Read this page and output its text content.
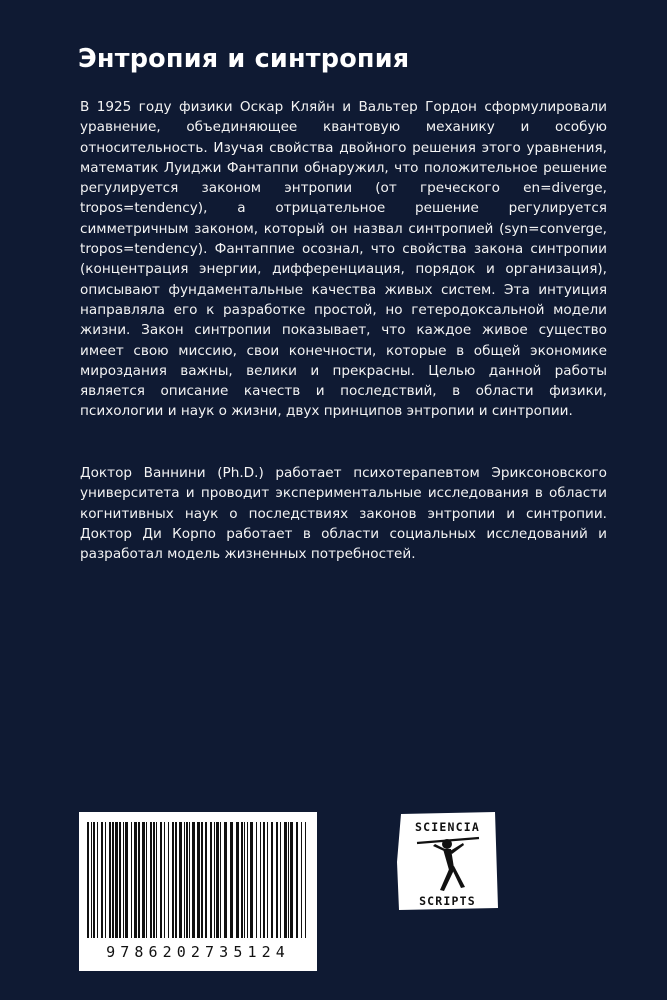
Энтропия и синтропия
В 1925 году физики Оскар Кляйн и Вальтер Гордон сформулировали уравнение, объединяющее квантовую механику и особую относительность. Изучая свойства двойного решения этого уравнения, математик Луиджи Фантаппи обнаружил, что положительное решение регулируется законом энтропии (от греческого en=diverge, tropos=tendency), а отрицательное решение регулируется симметричным законом, который он назвал синтропией (syn=converge, tropos=tendency). Фантаппие осознал, что свойства закона синтропии (концентрация энергии, дифференциация, порядок и организация), описывают фундаментальные качества живых систем. Эта интуиция направляла его к разработке простой, но гетеродоксальной модели жизни. Закон синтропии показывает, что каждое живое существо имеет свою миссию, свои конечности, которые в общей экономике мироздания важны, велики и прекрасны. Целью данной работы является описание качеств и последствий, в области физики, психологии и наук о жизни, двух принципов энтропии и синтропии.
Доктор Ваннини (Ph.D.) работает психотерапевтом Эриксоновского университета и проводит экспериментальные исследования в области когнитивных наук о последствиях законов энтропии и синтропии. Доктор Ди Корпо работает в области социальных исследований и разработал модель жизненных потребностей.
9786202735124
SCIENCIA
SCRIPTS
